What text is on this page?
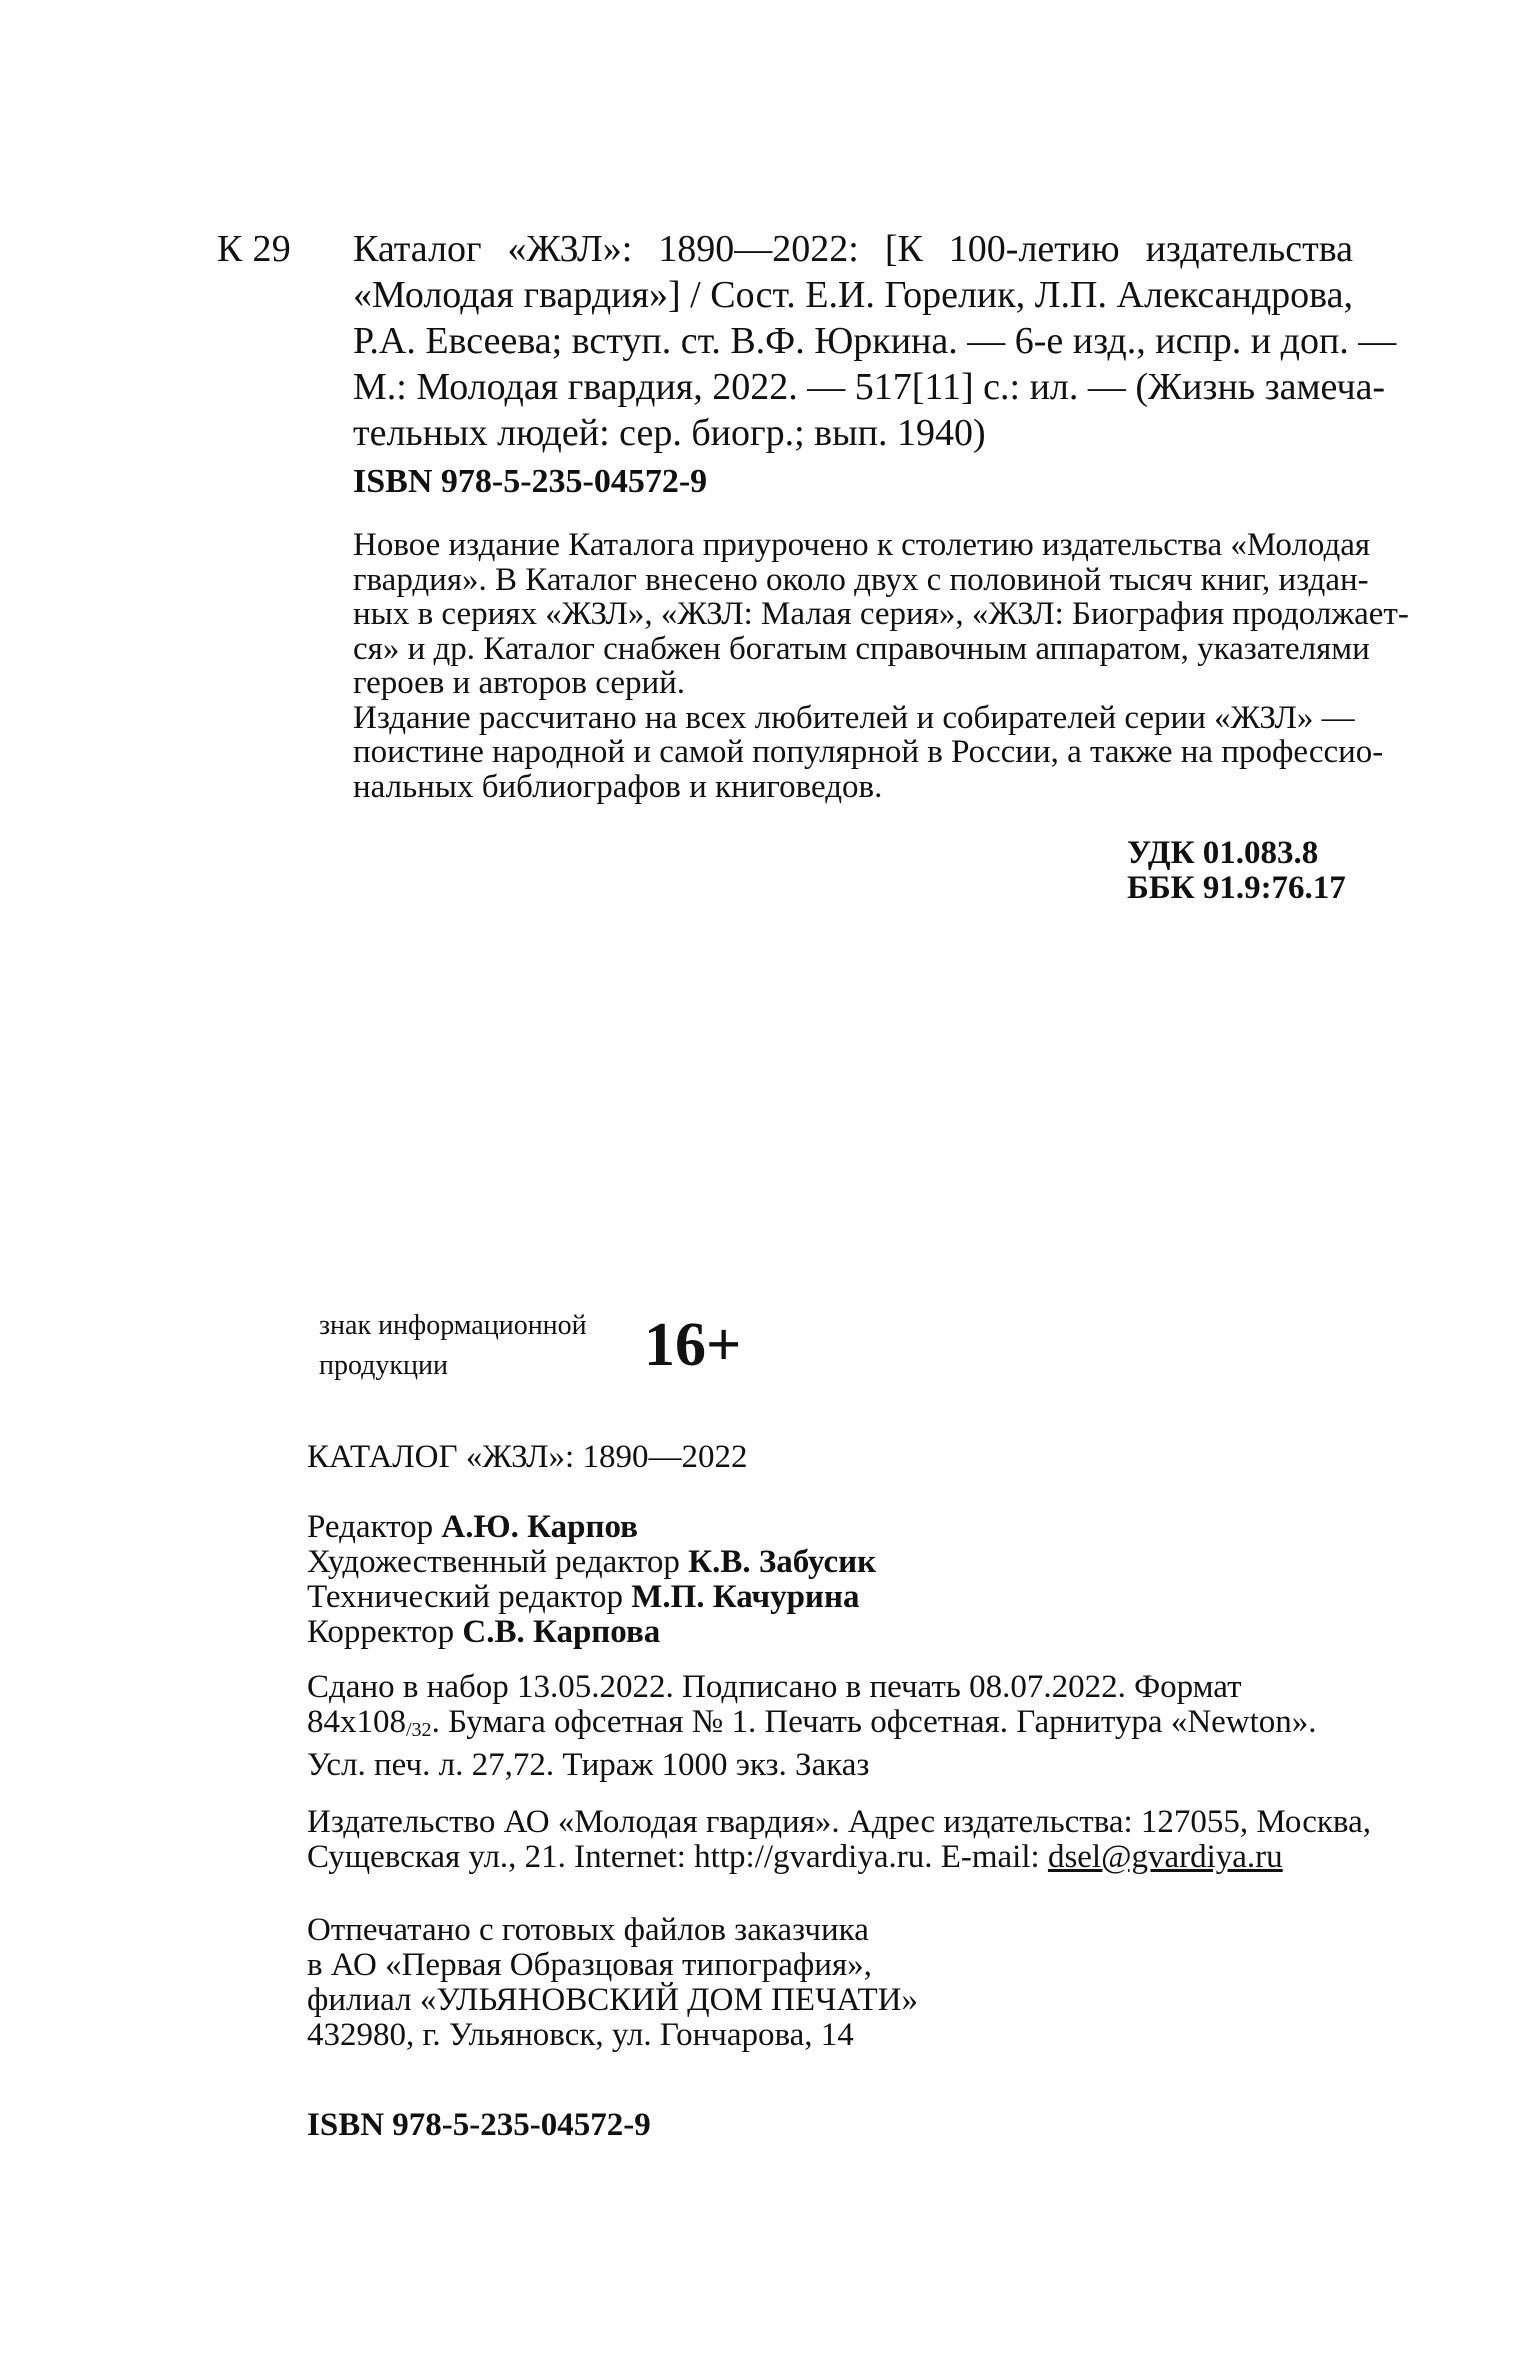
К 29 Каталог «ЖЗЛ»: 1890—2022: [К 100-летию издательства
«Молодая гвардия»] / Сост. Е.И. Горелик, Л.П. Александрова,
Р.А. Евсеева; вступ. ст. В.Ф. Юркина. — 6-е изд., испр. и доп. —
М.: Молодая гвардия, 2022. — 517[11] с.: ил. — (Жизнь замеча-
тельных людей: сер. биогр.; вып. 1940)
ISBN 978-5-235-04572-9
Новое издание Каталога приурочено к столетию издательства «Молодая
гвардия». В Каталог внесено около двух с половиной тысяч книг, издан-
ных в сериях «ЖЗЛ», «ЖЗЛ: Малая серия», «ЖЗЛ: Биография продолжает-
ся» и др. Каталог снабжен богатым справочным аппаратом, указателями
героев и авторов серий.
Издание рассчитано на всех любителей и собирателей серии «ЖЗЛ» —
поистине народной и самой популярной в России, а также на профессио-
нальных библиографов и книговедов.
УДК 01.083.8
ББК 91.9:76.17
знак информационной
продукции	16+
КАТАЛОГ «ЖЗЛ»: 1890—2022
Редактор А.Ю. Карпов
Художественный редактор К.В. Забусик
Технический редактор М.П. Качурина
Корректор С.В. Карпова
Сдано в набор 13.05.2022. Подписано в печать 08.07.2022. Формат
$84x108_{/32}$. Бумага офсетная № 1. Печать офсетная. Гарнитура «Newton».
Усл. печ. л. 27,72. Тираж 1000 экз. Заказ
Издательство АО «Молодая гвардия». Адрес издательства: 127055, Москва,
Сущевская ул., 21. Internet: http://gvardiya.ru. E-mail: dsel@gvardiya.ru
Отпечатано с готовых файлов заказчика
в АО «Первая Образцовая типография»,
филиал «УЛЬЯНОВСКИЙ ДОМ ПЕЧАТИ»
432980, г. Ульяновск, ул. Гончарова, 14
ISBN 978-5-235-04572-9
